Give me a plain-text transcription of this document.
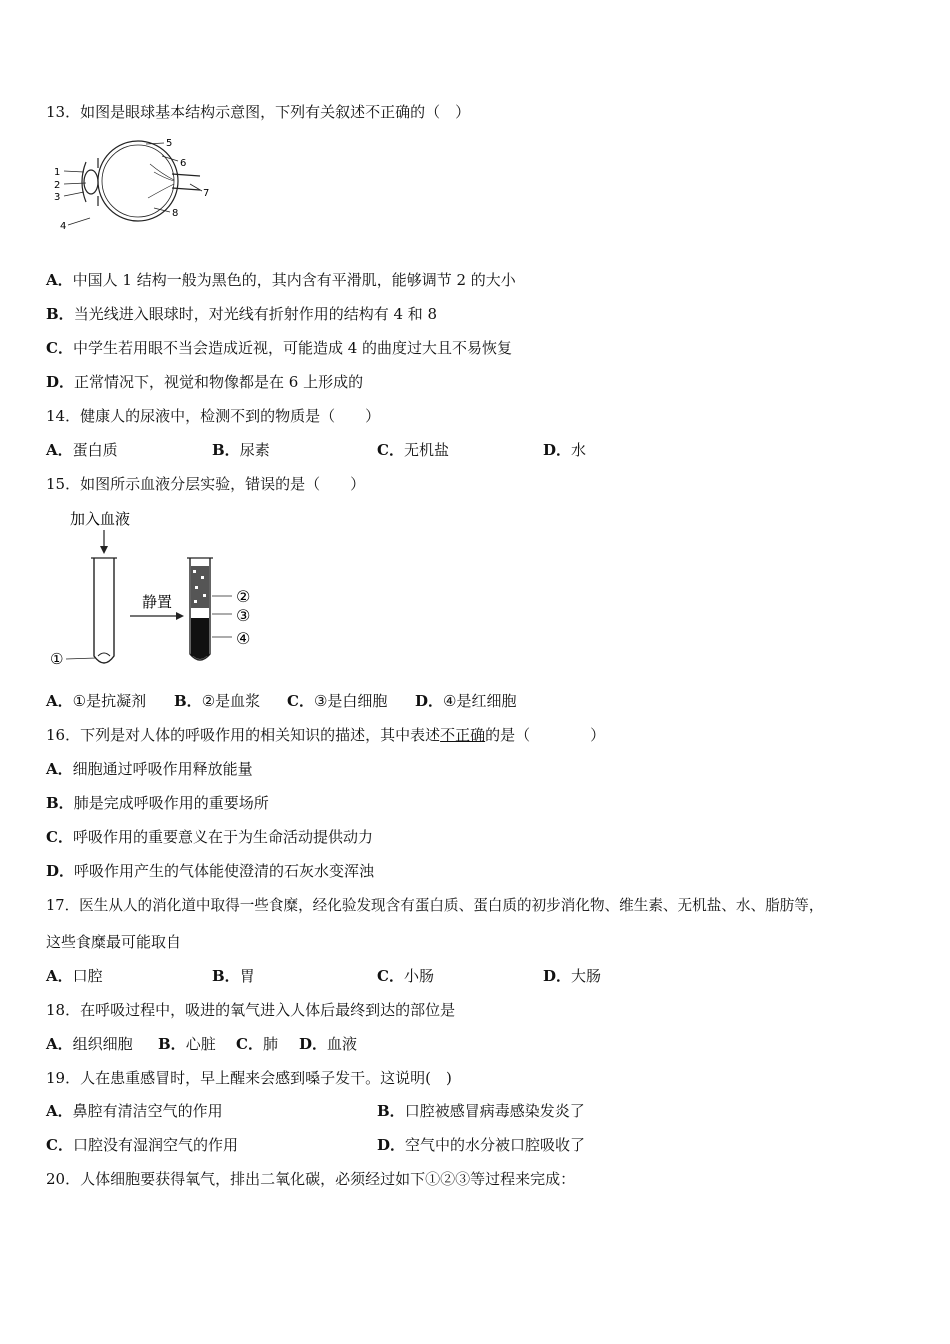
13．如图是眼球基本结构示意图，下列有关叙述不正确的（　）
1
2
3
4
5
6
7
8
A．中国人 1 结构一般为黑色的，其内含有平滑肌，能够调节 2 的大小
B．当光线进入眼球时，对光线有折射作用的结构有 4 和 8
C．中学生若用眼不当会造成近视，可能造成 4 的曲度过大且不易恢复
D．正常情况下，视觉和物像都是在 6 上形成的
14．健康人的尿液中，检测不到的物质是（　　）
A．蛋白质	B．尿素	C．无机盐	D．水
15．如图所示血液分层实验，错误的是（　　）
加入血液
①
静置	②
③
④
A．①是抗凝剂 B．②是血浆 C．③是白细胞 D．④是红细胞
16．下列是对人体的呼吸作用的相关知识的描述，其中表述不正确的是（　　　　）
A．细胞通过呼吸作用释放能量
B．肺是完成呼吸作用的重要场所
C．呼吸作用的重要意义在于为生命活动提供动力
D．呼吸作用产生的气体能使澄清的石灰水变浑浊
17．医生从人的消化道中取得一些食糜，经化验发现含有蛋白质、蛋白质的初步消化物、维生素、无机盐、水、脂肪等，
这些食糜最可能取自
A．口腔	B．胃	C．小肠	D．大肠
18．在呼吸过程中，吸进的氧气进入人体后最终到达的部位是
A．组织细胞 B．心脏 C．肺 D．血液
19．人在患重感冒时，早上醒来会感到嗓子发干。这说明(　)
A．鼻腔有清洁空气的作用	B．口腔被感冒病毒感染发炎了
C．口腔没有湿润空气的作用	D．空气中的水分被口腔吸收了
20．人体细胞要获得氧气，排出二氧化碳，必须经过如下①②③等过程来完成：
